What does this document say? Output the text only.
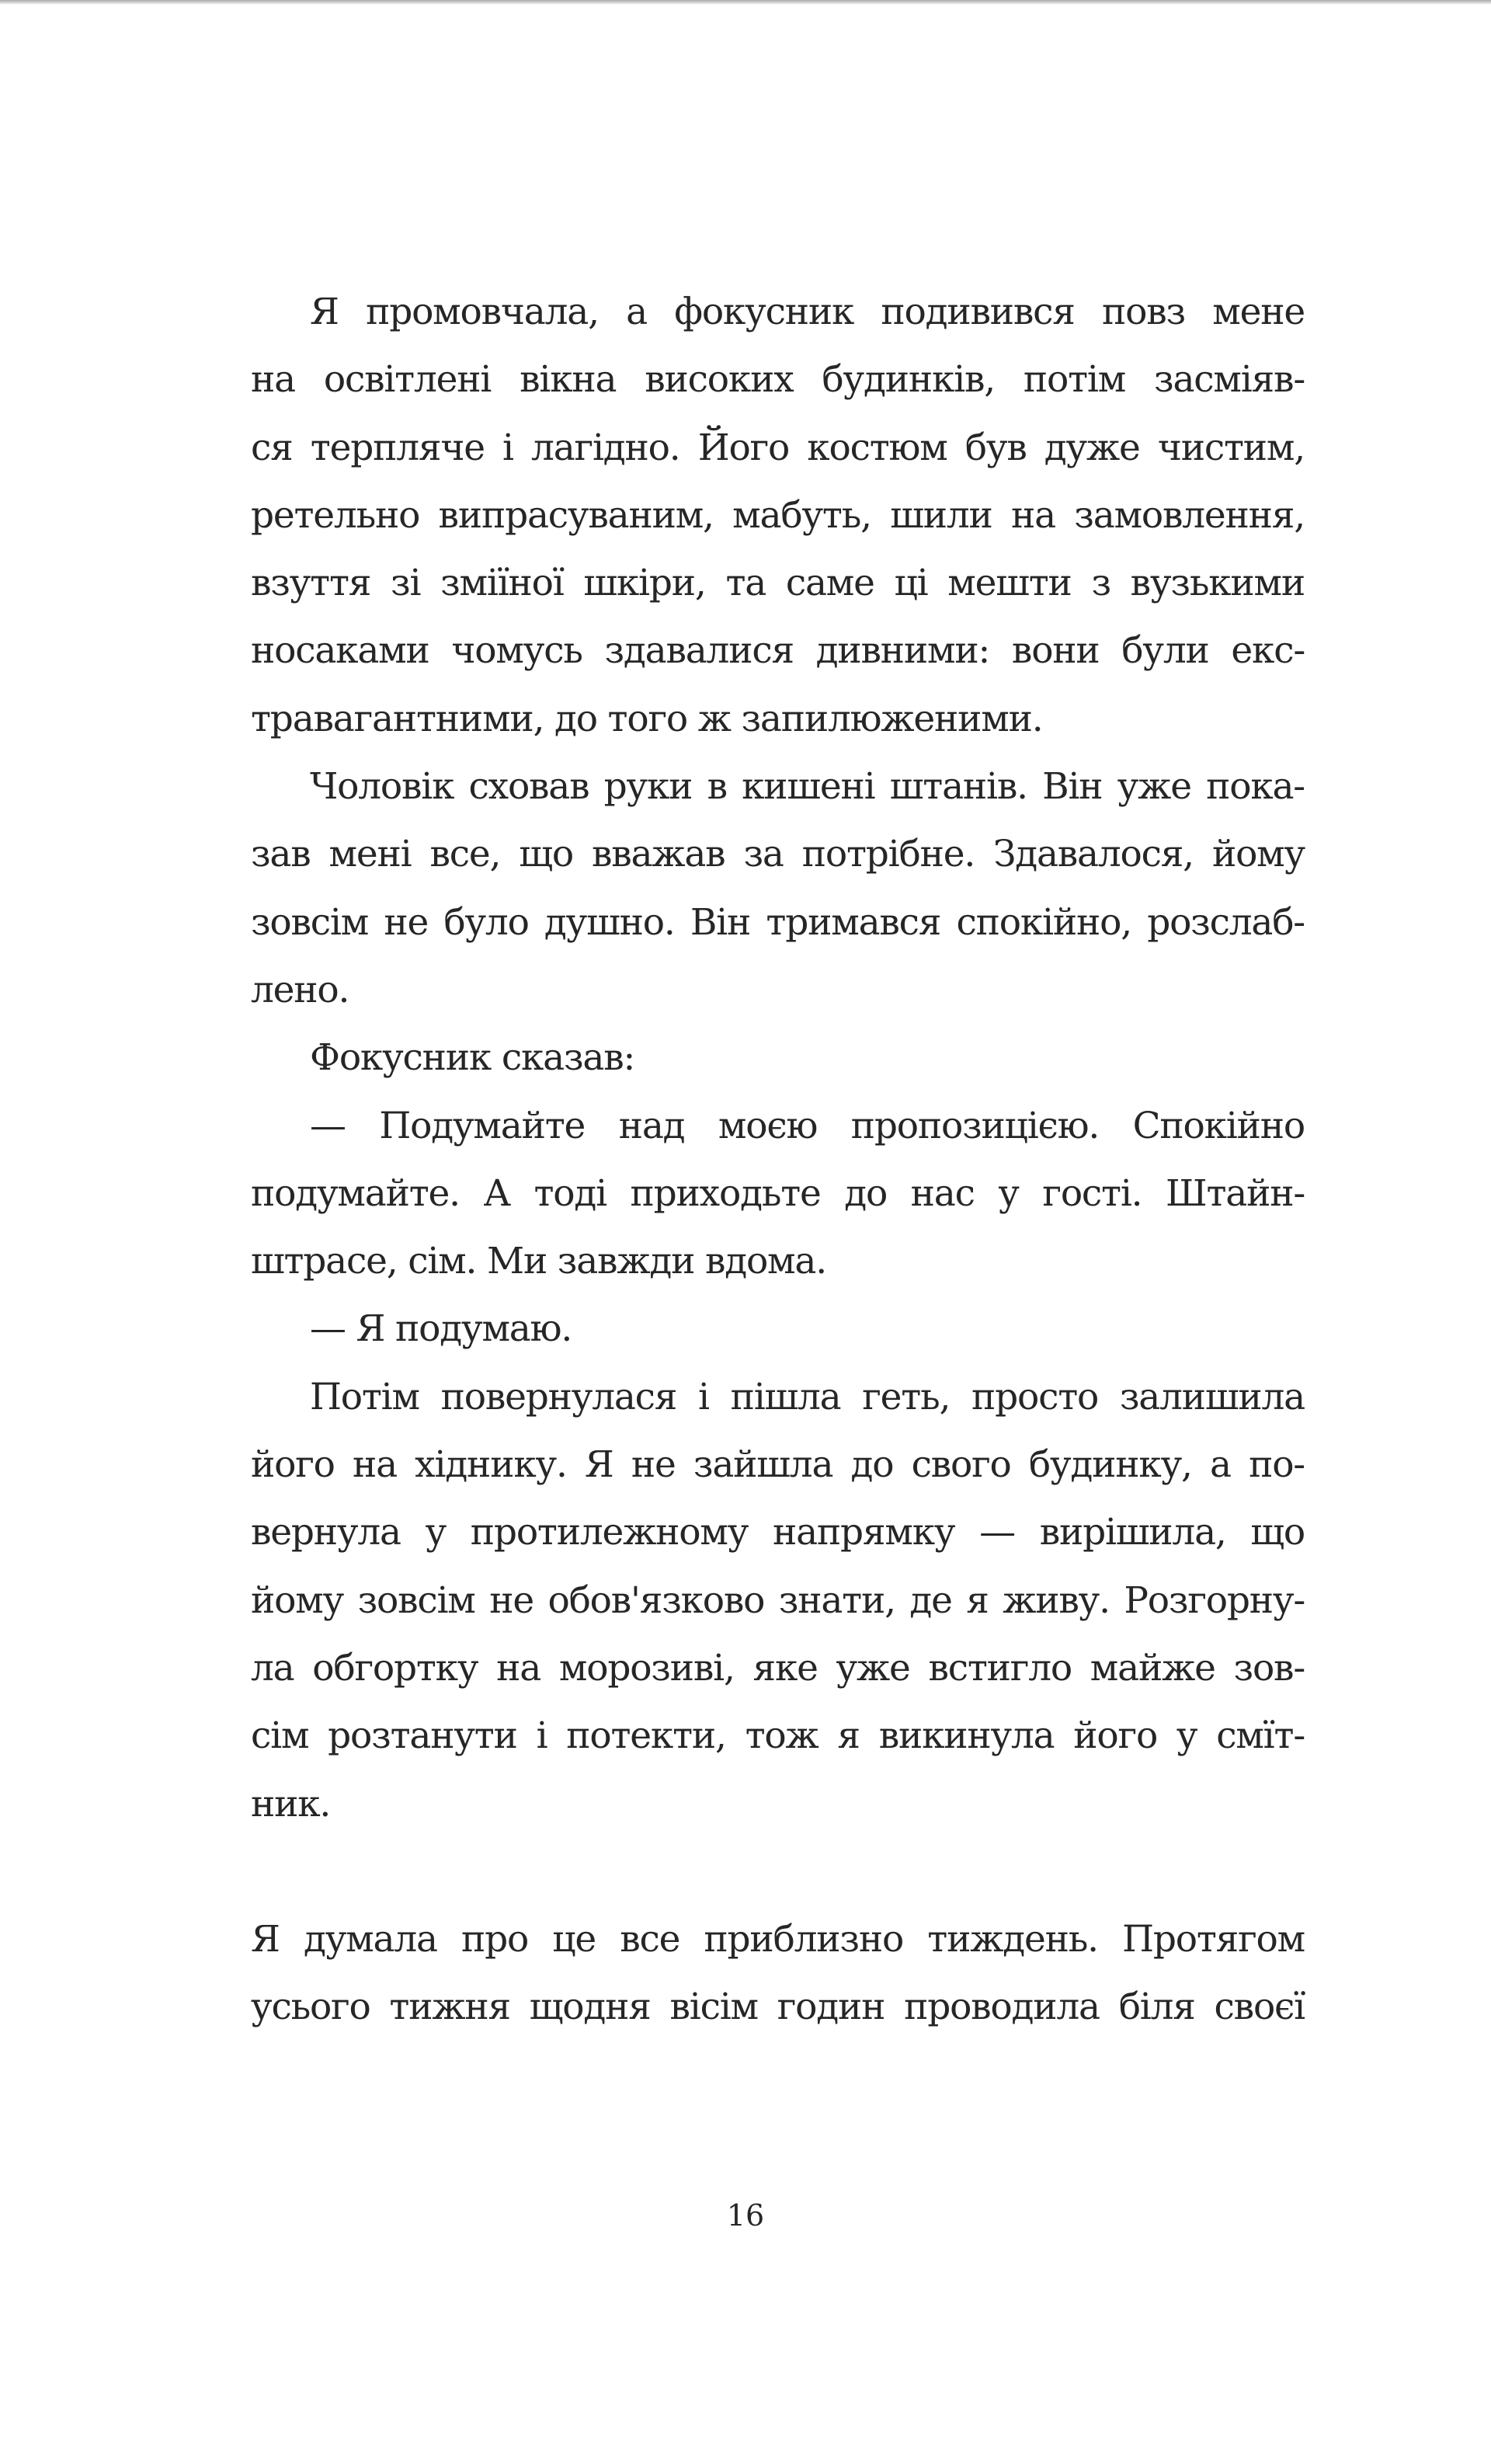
Я промовчала, а фокусник подивився повз мене
на освітлені вікна високих будинків, потім засміяв-
ся терпляче і лагідно. Його костюм був дуже чистим,
ретельно випрасуваним, мабуть, шили на замовлення,
взуття зі зміїної шкіри, та саме ці мешти з вузькими
носаками чомусь здавалися дивними: вони були екс-
травагантними, до того ж запилюженими.
Чоловік сховав руки в кишені штанів. Він уже пока-
зав мені все, що вважав за потрібне. Здавалося, йому
зовсім не було душно. Він тримався спокійно, розслаб-
лено.
Фокусник сказав:
— Подумайте над моєю пропозицією. Спокійно
подумайте. А тоді приходьте до нас у гості. Штайн-
штрасе, сім. Ми завжди вдома.
— Я подумаю.
Потім повернулася і пішла геть, просто залишила
його на хіднику. Я не зайшла до свого будинку, а по-
вернула у протилежному напрямку — вирішила, що
йому зовсім не обов'язково знати, де я живу. Розгорну-
ла обгортку на морозиві, яке уже встигло майже зов-
сім розтанути і потекти, тож я викинула його у смїт-
ник.
Я думала про це все приблизно тиждень. Протягом
усього тижня щодня вісім годин проводила біля своєї
16
